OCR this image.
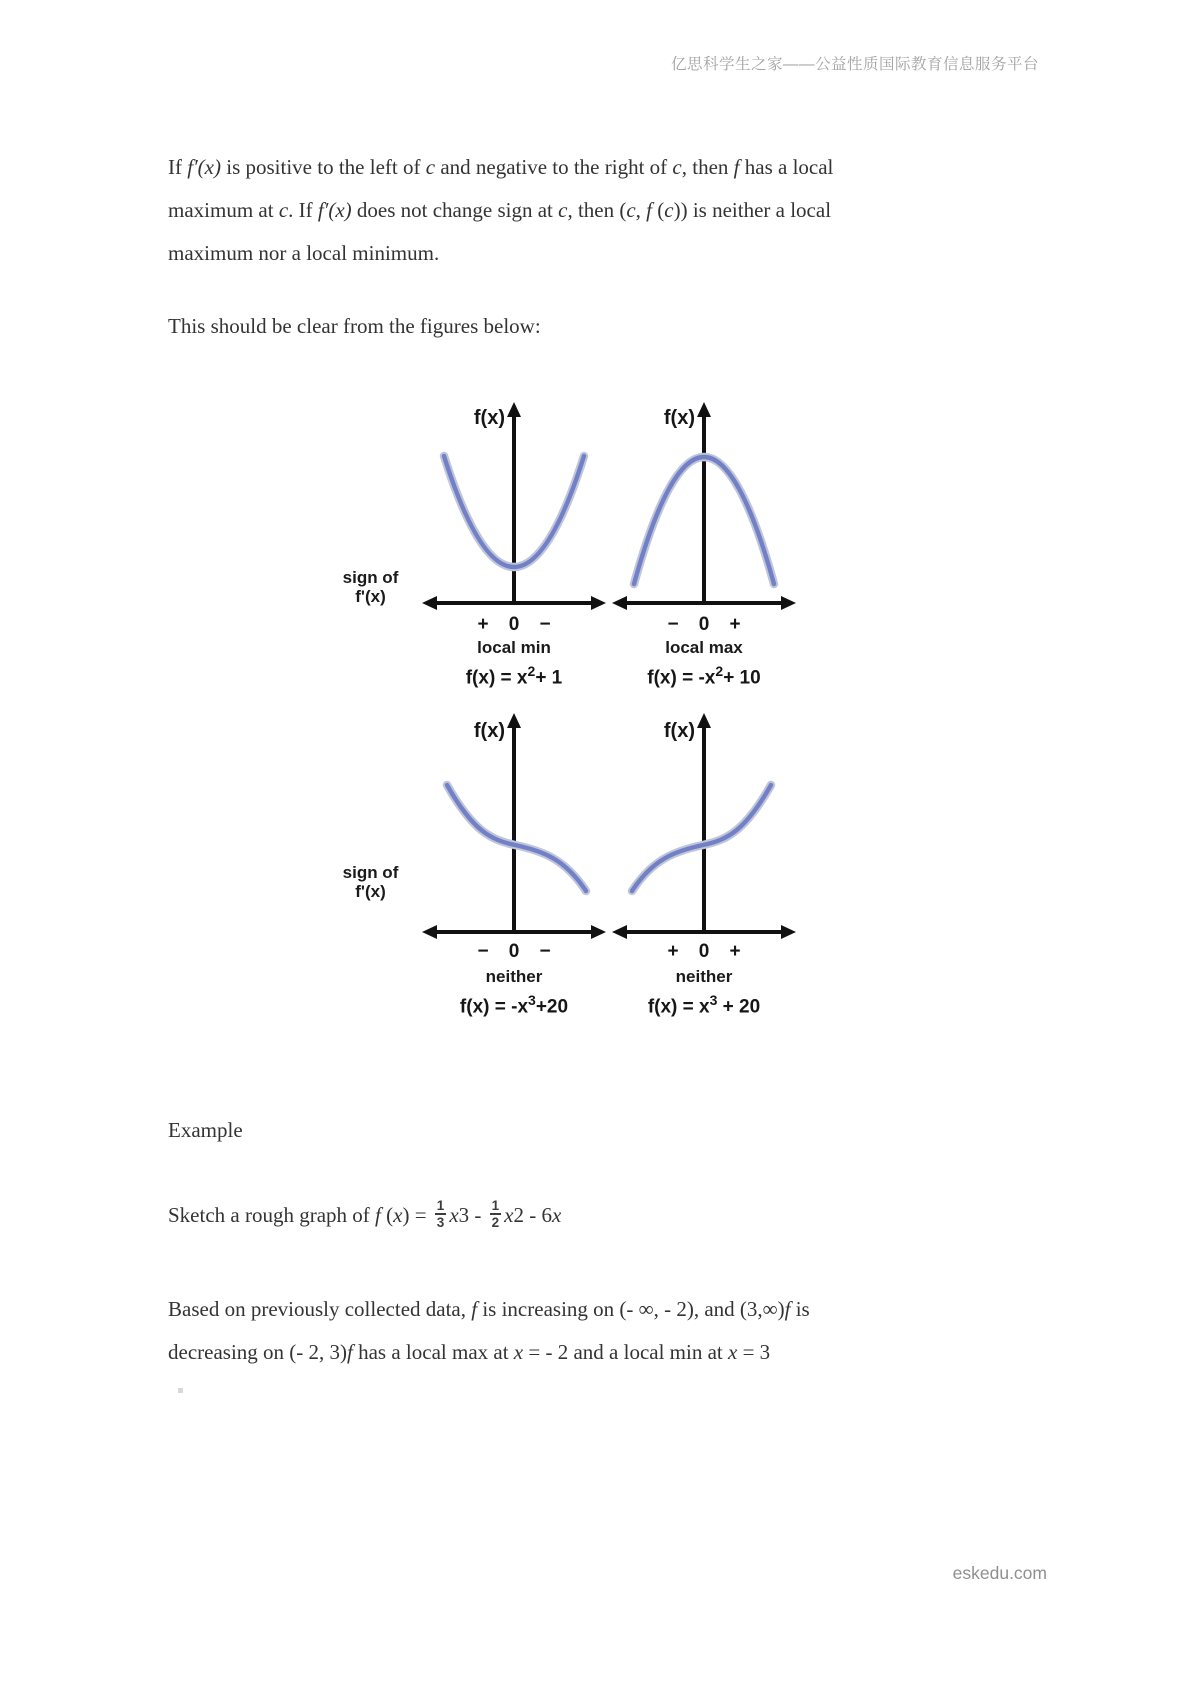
亿思科学生之家——公益性质国际教育信息服务平台
If f′(x) is positive to the left of c and negative to the right of c, then f has a local
maximum at c. If f′(x) does not change sign at c, then (c, f (c)) is neither a local
maximum nor a local minimum.
This should be clear from the figures below:
sign of
f'(x)
f(x)
+ 0 −
local min
$f(x) = x^2+ 1$
f(x)
− 0 +
local max
$f(x) = -x^2+ 10$
sign of
f'(x)
f(x)
− 0 −
neither
$f(x) = -x^3+20$
f(x)
+ 0 +
neither
$f(x) = x^3 + 20$
Example
Sketch a rough graph of f $(x) = \frac{1}{3} x3 - \frac{1}{2} x2 - 6x$
Based on previously collected data, f is increasing on (- ∞, - 2), and (3,∞)f is
decreasing on (- 2, 3)f has a local max at x = - 2 and a local min at x = 3
eskedu.com
